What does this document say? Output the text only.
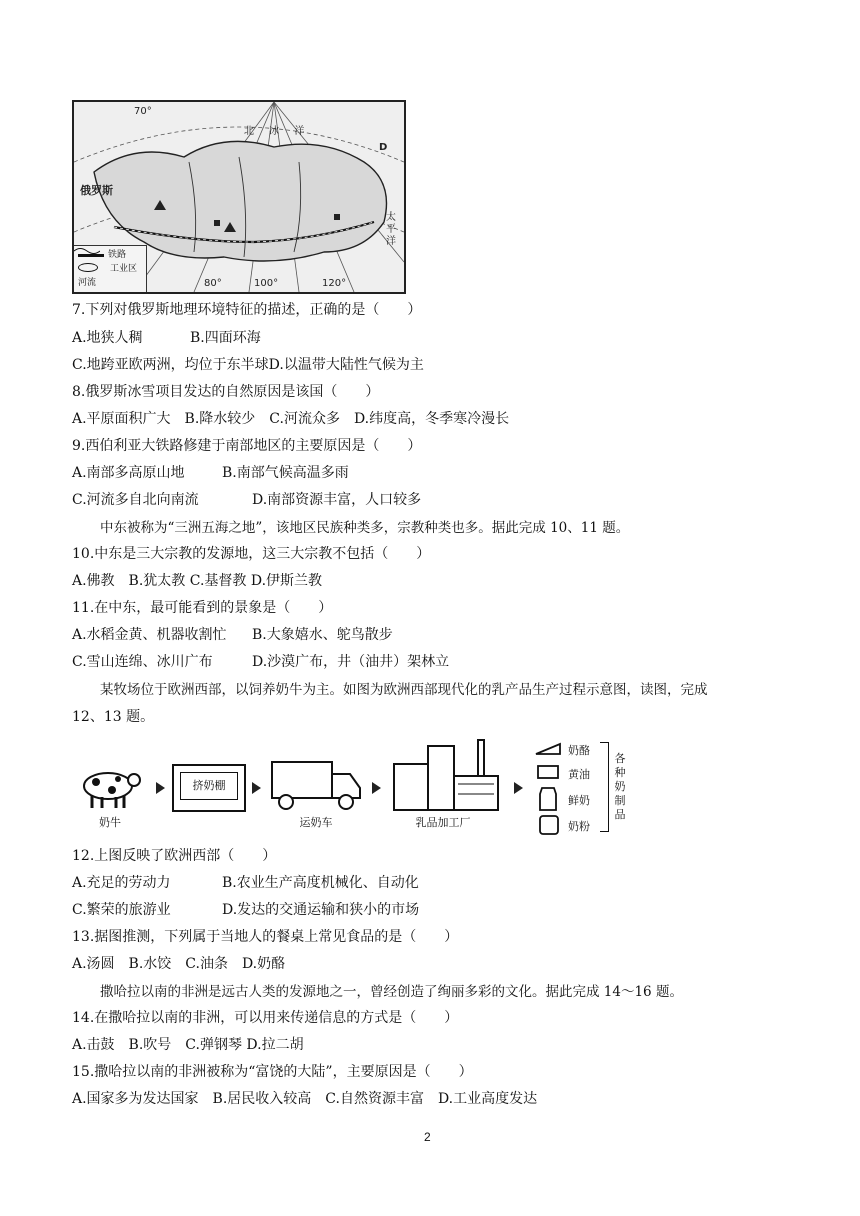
俄罗斯
北 冰 洋
太平洋
70°
D
80°	100°	120°
铁路
工业区
河流
7.下列对俄罗斯地理环境特征的描述，正确的是（　　）
A.地狭人稠	B.四面环海
C.地跨亚欧两洲，均位于东半球D.以温带大陆性气候为主
8.俄罗斯冰雪项目发达的自然原因是该国（　　）
A.平原面积广大　B.降水较少　C.河流众多　D.纬度高，冬季寒冷漫长
9.西伯利亚大铁路修建于南部地区的主要原因是（　　）
A.南部多高原山地	B.南部气候高温多雨
C.河流多自北向南流	D.南部资源丰富，人口较多
中东被称为“三洲五海之地”，该地区民族种类多，宗教种类也多。据此完成 10、11 题。
10.中东是三大宗教的发源地，这三大宗教不包括（　　）
A.佛教　B.犹太教 C.基督教 D.伊斯兰教
11.在中东，最可能看到的景象是（　　）
A.水稻金黄、机器收割忙 B.大象嬉水、鸵鸟散步
C.雪山连绵、冰川广布	D.沙漠广布，井（油井）架林立
某牧场位于欧洲西部，以饲养奶牛为主。如图为欧洲西部现代化的乳产品生产过程示意图，读图，完成
12、13 题。
奶牛
挤奶棚
运奶车	乳品加工厂
奶酪
黄油
鲜奶
奶粉
各种奶制品
12.上图反映了欧洲西部（　　）
A.充足的劳动力	B.农业生产高度机械化、自动化
C.繁荣的旅游业	D.发达的交通运输和狭小的市场
13.据图推测，下列属于当地人的餐桌上常见食品的是（　　）
A.汤圆　B.水饺　C.油条　D.奶酪
撒哈拉以南的非洲是远古人类的发源地之一，曾经创造了绚丽多彩的文化。据此完成 14～16 题。
14.在撒哈拉以南的非洲，可以用来传递信息的方式是（　　）
A.击鼓　B.吹号　C.弹钢琴 D.拉二胡
15.撒哈拉以南的非洲被称为“富饶的大陆”，主要原因是（　　）
A.国家多为发达国家　B.居民收入较高　C.自然资源丰富　D.工业高度发达
2
